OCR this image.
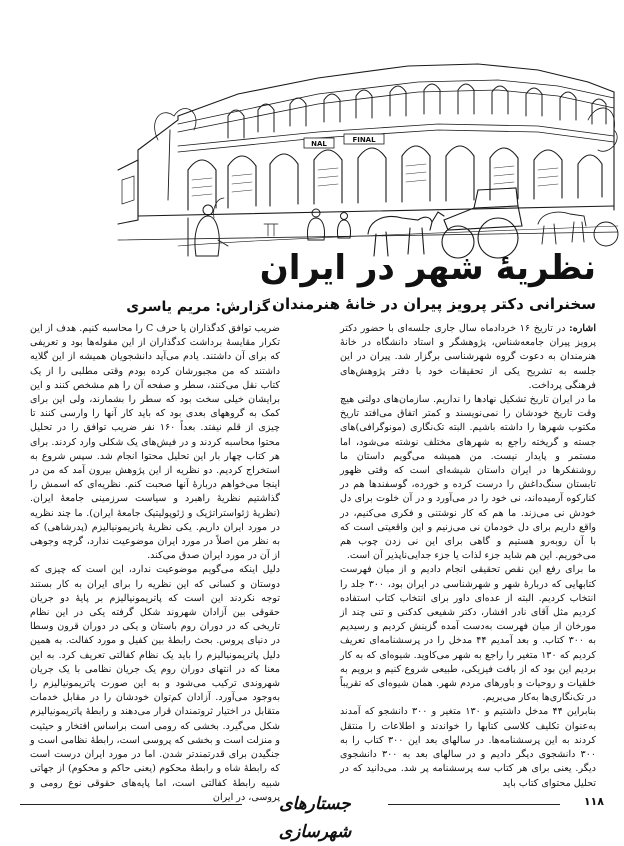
NAL	FINAL
نظریهٔ شهر در ایران
سخنرانی دکتر پرویز پیران در خانهٔ هنرمندان
گزارش: مریم یاسری

اشاره: در تاریخ ۱۶ خردادماه سال جاری جلسه‌ای با حضور دکتر پرویز پیران جامعه‌شناس، پژوهشگر و استاد دانشگاه در خانهٔ هنرمندان به دعوت گروه شهرشناسی برگزار شد. پیران در این جلسه به تشریح یکی از تحقیقات خود با دفتر پژوهش‌های فرهنگی پرداخت.

ما در ایران تاریخ تشکیل نهادها را نداریم. سازمان‌های دولتی هیچ وقت تاریخ خودشان را نمی‌نویسند و کمتر اتفاق می‌افتد تاریخ مکتوب شهرها را داشته باشیم. البته تک‌نگاری (مونوگرافی)های جسته و گریخته راجع به شهرهای مختلف نوشته می‌شود، اما مستمر و پایدار نیست. من همیشه می‌گویم داستان ما روشنفکرها در ایران داستان شیشه‌ای است که وقتی ظهور تابستان سنگ‌داغش را درست کرده و خورده، گوسفندها هم در کنارکوه آرمیده‌اند، نی خود را در می‌آورد و در آن خلوت برای دل خودش نی می‌زند. ما هم که کار نوشتنی و فکری می‌کنیم، در واقع داریم برای دل خودمان نی می‌زنیم و این واقعیتی است که با آن روبه‌رو هستیم و گاهی برای این نی زدن چوب هم می‌خوریم. این هم شاید جزء لذات یا جزء جدایی‌ناپذیر آن است.

ما برای رفع این نقص تحقیقی انجام دادیم و از میان فهرست کتابهایی که دربارهٔ شهر و شهرشناسی در ایران بود، ۳۰۰ جلد را انتخاب کردیم. البته از عده‌ای داور برای انتخاب کتاب استفاده کردیم مثل آقای نادر افشار، دکتر شفیعی کدکنی و تنی چند از مورخان از میان فهرست به‌دست آمده گزینش کردیم و رسیدیم به ۳۰۰ کتاب. و بعد آمدیم ۴۴ مدخل را در پرسشنامه‌ای تعریف کردیم که ۱۳۰ متغیر را راجع به شهر می‌کاوید. شیوه‌ای که به کار بردیم این بود که از بافت فیزیکی، طبیعی شروع کنیم و برویم به خلقیات و روحیات و باورهای مردم شهر. همان شیوه‌ای که تقریباً در تک‌نگاری‌ها به‌کار می‌بریم.

بنابراین ۴۴ مدخل داشتیم و ۱۳۰ متغیر و ۳۰۰ دانشجو که آمدند به‌عنوان تکلیف کلاسی کتابها را خواندند و اطلاعات را منتقل کردند به این پرسشنامه‌ها. در سالهای بعد این ۳۰۰ کتاب را به ۳۰۰ دانشجوی دیگر دادیم و در سالهای بعد به ۳۰۰ دانشجوی دیگر. یعنی برای هر کتاب سه پرسشنامه پر شد. می‌دانید که در تحلیل محتوای کتاب باید

ضریب توافق کدگذاران یا حرف C را محاسبه کنیم. هدف از این تکرار مقایسهٔ برداشت کدگذاران از این مقوله‌ها بود و تعریفی که برای آن داشتند. یادم می‌آید دانشجویان همیشه از این گلایه داشتند که من مجبورشان کرده بودم وقتی مطلبی را از یک کتاب نقل می‌کنند، سطر و صفحه آن را هم مشخص کنند و این برایشان خیلی سخت بود که سطر را بشمارند، ولی این برای کمک به گروههای بعدی بود که باید کار آنها را وارسی کنند تا چیزی از قلم نیفتد. بعداً ۱۶۰ نفر ضریب توافق را در تحلیل محتوا محاسبه کردند و در فیش‌های یک شکلی وارد کردند. برای هر کتاب چهار بار این تحلیل محتوا انجام شد. سپس شروع به استخراج کردیم. دو نظریه از این پژوهش بیرون آمد که من در اینجا می‌خواهم دربارهٔ آنها صحبت کنم. نظریه‌ای که اسمش را گذاشتیم نظریهٔ راهبرد و سیاست سرزمینی جامعهٔ ایران. (نظریهٔ ژئواستراتژیک و ژئوپولیتیک جامعهٔ ایران). ما چند نظریه در مورد ایران داریم. یکی نظریهٔ پاتریمونیالیزم (پدرشاهی) که به نظر من اصلاً در مورد ایران موضوعیت ندارد، گرچه وجوهی از آن در مورد ایران صدق می‌کند.

دلیل اینکه می‌گویم موضوعیت ندارد، این است که چیزی که دوستان و کسانی که این نظریه را برای ایران به کار بستند توجه نکردند این است که پاتریمونیالیزم بر پایهٔ دو جریان حقوقی بین آزادان شهروند شکل گرفته یکی در این نظام تاریخی که در دوران روم باستان و یکی در دوران قرون وسطا در دنیای پروس. بحث رابطهٔ بین کفیل و مورد کفالت. به همین دلیل پاتریمونیالیزم را باید یک نظام کفالتی تعریف کرد. به این معنا که در انتهای دوران روم یک جریان نظامی با یک جریان شهروندی ترکیب می‌شود و به این صورت پاتریمونیالیزم را به‌وجود می‌آورد. آزادان کم‌توان خودشان را در مقابل خدمات متقابل در اختیار ثروتمندان قرار می‌دهند و رابطهٔ پاتریمونیالیزم شکل می‌گیرد. بخشی که رومی است براساس افتخار و حیثیت و منزلت است و بخشی که پروسی است، رابطهٔ نظامی است و جنگیدن برای قدرتمندتر شدن. اما در مورد ایران درست است که رابطهٔ شاه و رابطهٔ محکوم (یعنی حاکم و محکوم) از جهاتی شبیه رابطهٔ کفالتی است، اما پایه‌های حقوقی نوع رومی و پروسی، در ایران جستارهای شهرسازی
۱۱۸
